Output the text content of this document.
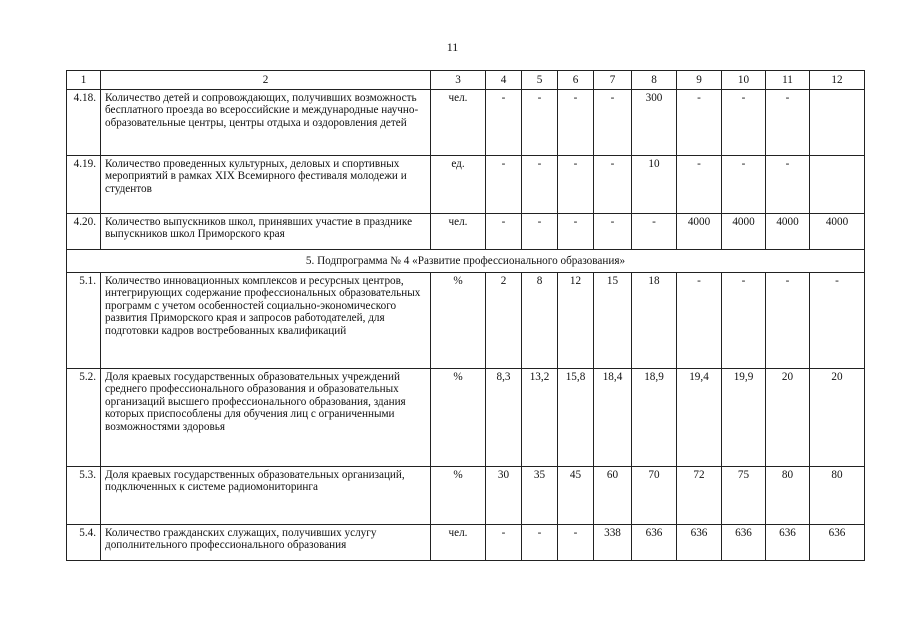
11
1	2	3	4	5	6	7	8	9	10	11	12
4.18.	Количество детей и сопровождающих, получивших возможность бесплатного проезда во всероссийские и международные научно-образовательные центры, центры отдыха и оздоровления детей	чел.	-	-	-	-	300	-	-	-	
4.19.	Количество проведенных культурных, деловых и спортивных мероприятий в рамках XIX Всемирного фестиваля молодежи и студентов	ед.	-	-	-	-	10	-	-	-	
4.20.	Количество выпускников школ, принявших участие в празднике выпускников школ Приморского края	чел.	-	-	-	-	-	4000	4000	4000	4000
5. Подпрограмма № 4 «Развитие профессионального образования»											
5.1.	Количество инновационных комплексов и ресурсных центров, интегрирующих содержание профессиональных образовательных программ с учетом особенностей социально-экономического развития Приморского края и запросов работодателей, для подготовки кадров востребованных квалификаций	%	2	8	12	15	18	-	-	-	-
5.2.	Доля краевых государственных образовательных учреждений среднего профессионального образования и образовательных организаций высшего профессионального образования, здания которых приспособлены для обучения лиц с ограниченными возможностями здоровья	%	8,3	13,2	15,8	18,4	18,9	19,4	19,9	20	20
5.3.	Доля краевых государственных образовательных организаций, подключенных к системе радиомониторинга	%	30	35	45	60	70	72	75	80	80
5.4.	Количество гражданских служащих, получивших услугу дополнительного профессионального образования	чел.	-	-	-	338	636	636	636	636	636
